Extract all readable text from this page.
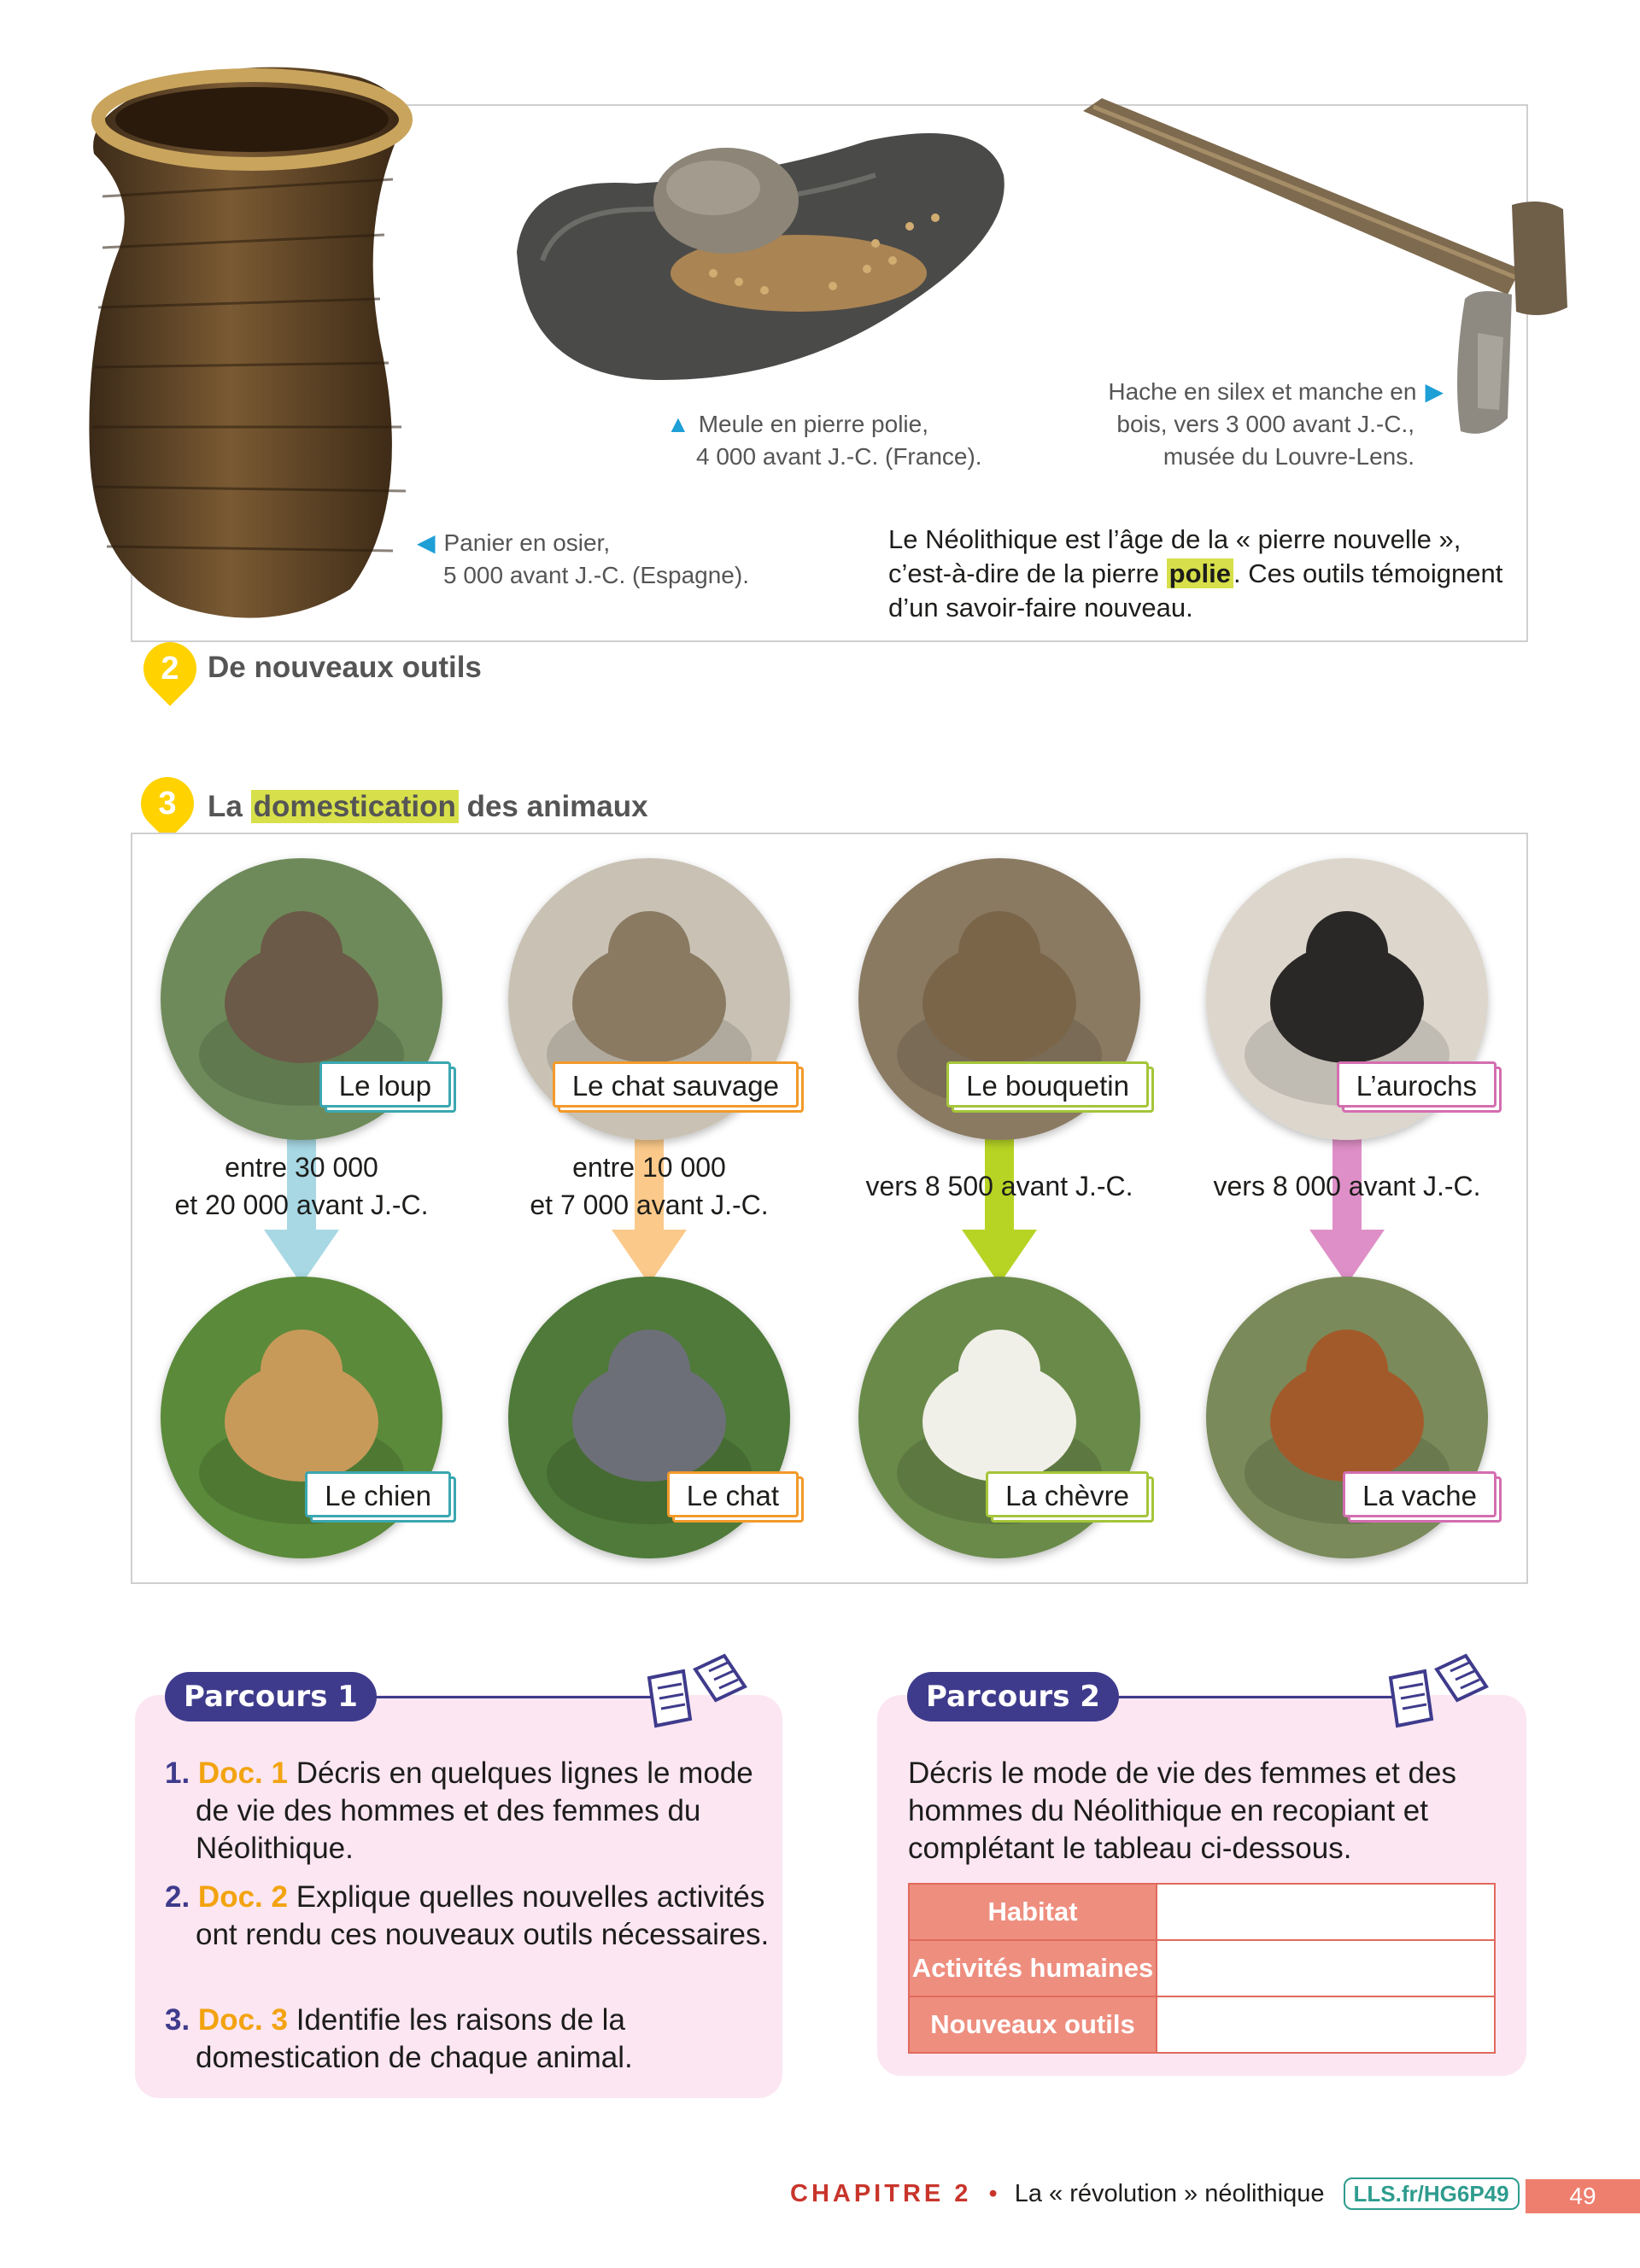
▲ Meule en pierre polie,
4 000 avant J.-C. (France).
Hache en silex et manche en ▶
bois, vers 3 000 avant J.-C.,
musée du Louvre-Lens.
◀ Panier en osier,
5 000 avant J.-C. (Espagne).
Le Néolithique est l’âge de la « pierre nouvelle », c’est-à-dire de la pierre polie. Ces outils témoignent d’un savoir-faire nouveau.
2 De nouveaux outils
3	La domestication des animaux
Le loup
Le chien
entre 30 000
et 20 000 avant J.-C.
Le chat sauvage
Le chat
entre 10 000
et 7 000 avant J.-C.
Le bouquetin
La chèvre
vers 8 500 avant J.-C.
L’aurochs
La vache
vers 8 000 avant J.-C.
Parcours 1
1. Doc. 1 Décris en quelques lignes le mode de vie des hommes et des femmes du Néolithique.
2. Doc. 2 Explique quelles nouvelles activités ont rendu ces nouveaux outils nécessaires.
3. Doc. 3 Identifie les raisons de la domestication de chaque animal.
Parcours 2
Décris le mode de vie des femmes et des hommes du Néolithique en recopiant et complétant le tableau ci-dessous.
Habitat	
Activités humaines	
Nouveaux outils	
CHAPITRE 2 • La « révolution » néolithique LLS.fr/HG6P49	49
